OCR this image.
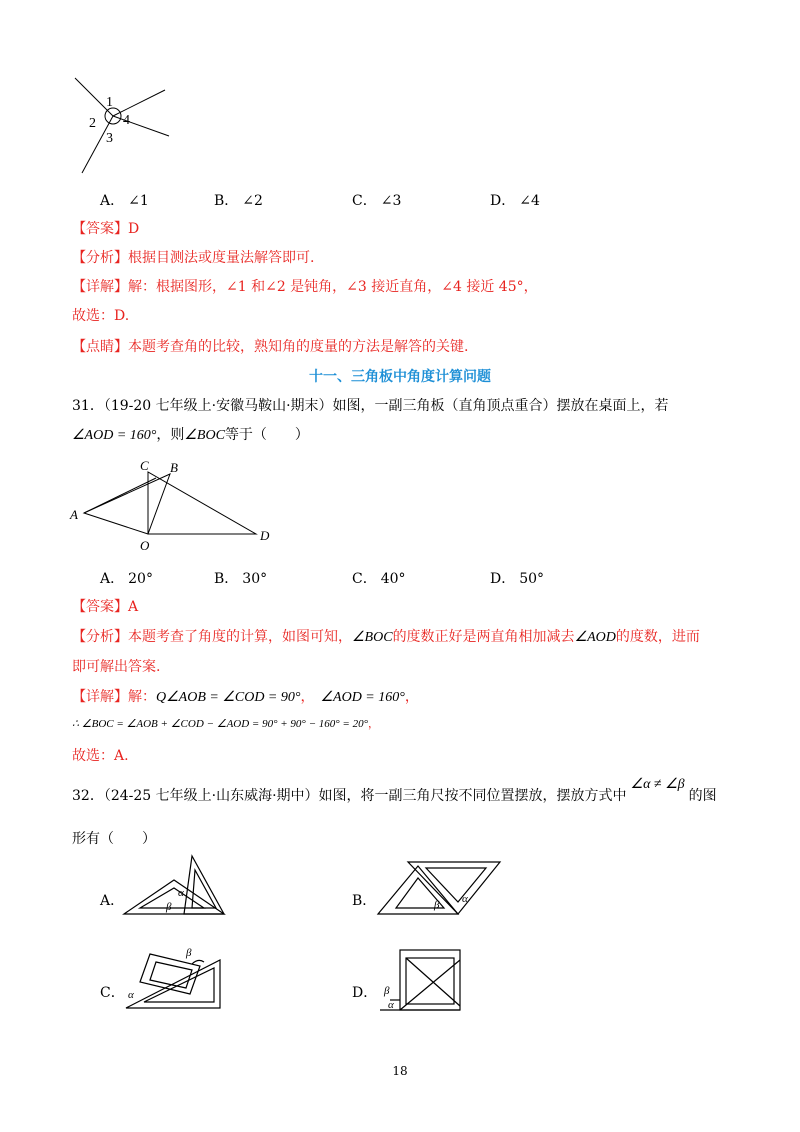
1
2
3
4
A． ∠1	B． ∠2	C． ∠3	D． ∠4
【答案】D
【分析】根据目测法或度量法解答即可.
【详解】解：根据图形，∠1 和∠2 是钝角，∠3 接近直角，∠4 接近 45°，
故选：D.
【点睛】本题考查角的比较，熟知角的度量的方法是解答的关键.
十一、三角板中角度计算问题
31．（19-20 七年级上·安徽马鞍山·期末）如图，一副三角板（直角顶点重合）摆放在桌面上，若
∠AOD = 160°，则∠BOC等于（　　）
C B
A
O
D
A． 20°	B． 30°	C． 40°	D． 50°
【答案】A
【分析】本题考查了角度的计算，如图可知，∠BOC的度数正好是两直角相加减去∠AOD的度数，进而
即可解出答案.
【详解】解：Q∠AOB = ∠COD = 90°， ∠AOD = 160°，
∴ ∠BOC = ∠AOB + ∠COD − ∠AOD = 90° + 90° − 160° = 20°，
故选：A.
32．（24-25 七年级上·山东威海·期中）如图，将一副三角尺按不同位置摆放，摆放方式中∠α ≠ ∠β的图
形有（　　）
A．	α
β	B．	β α
C．
β
α	D． β
α
18
